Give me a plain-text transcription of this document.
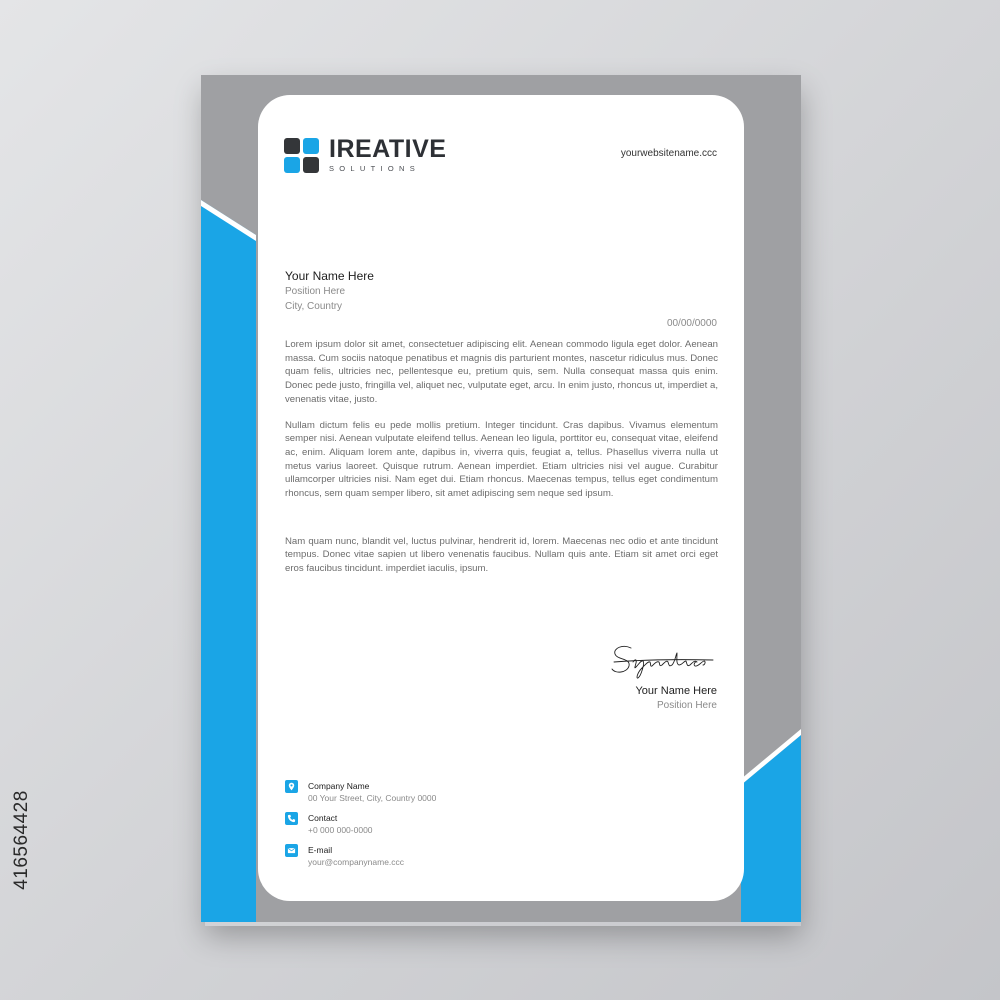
416564428
IREATIVE
SOLUTIONS
yourwebsitename.ccc
Your Name Here
Position Here
City, Country
00/00/0000

Lorem ipsum dolor sit amet, consectetuer adipiscing elit. Aenean commodo ligula eget dolor. Aenean massa. Cum sociis natoque penatibus et magnis dis parturient montes, nascetur ridiculus mus. Donec quam felis, ultricies nec, pellentesque eu, pretium quis, sem. Nulla consequat massa quis enim. Donec pede justo, fringilla vel, aliquet nec, vulputate eget, arcu. In enim justo, rhoncus ut, imperdiet a, venenatis vitae, justo.

Nullam dictum felis eu pede mollis pretium. Integer tincidunt. Cras dapibus. Vivamus elementum semper nisi. Aenean vulputate eleifend tellus. Aenean leo ligula, porttitor eu, consequat vitae, eleifend ac, enim. Aliquam lorem ante, dapibus in, viverra quis, feugiat a, tellus. Phasellus viverra nulla ut metus varius laoreet. Quisque rutrum. Aenean imperdiet. Etiam ultricies nisi vel augue. Curabitur ullamcorper ultricies nisi. Nam eget dui. Etiam rhoncus. Maecenas tempus, tellus eget condimentum rhoncus, sem quam semper libero, sit amet adipiscing sem neque sed ipsum.

Nam quam nunc, blandit vel, luctus pulvinar, hendrerit id, lorem. Maecenas nec odio et ante tincidunt tempus. Donec vitae sapien ut libero venenatis faucibus. Nullam quis ante. Etiam sit amet orci eget eros faucibus tincidunt. imperdiet iaculis, ipsum.

Your Name Here
Position Here
Company Name
00 Your Street, City, Country 0000
Contact
+0 000 000-0000
E-mail
your@companyname.ccc
